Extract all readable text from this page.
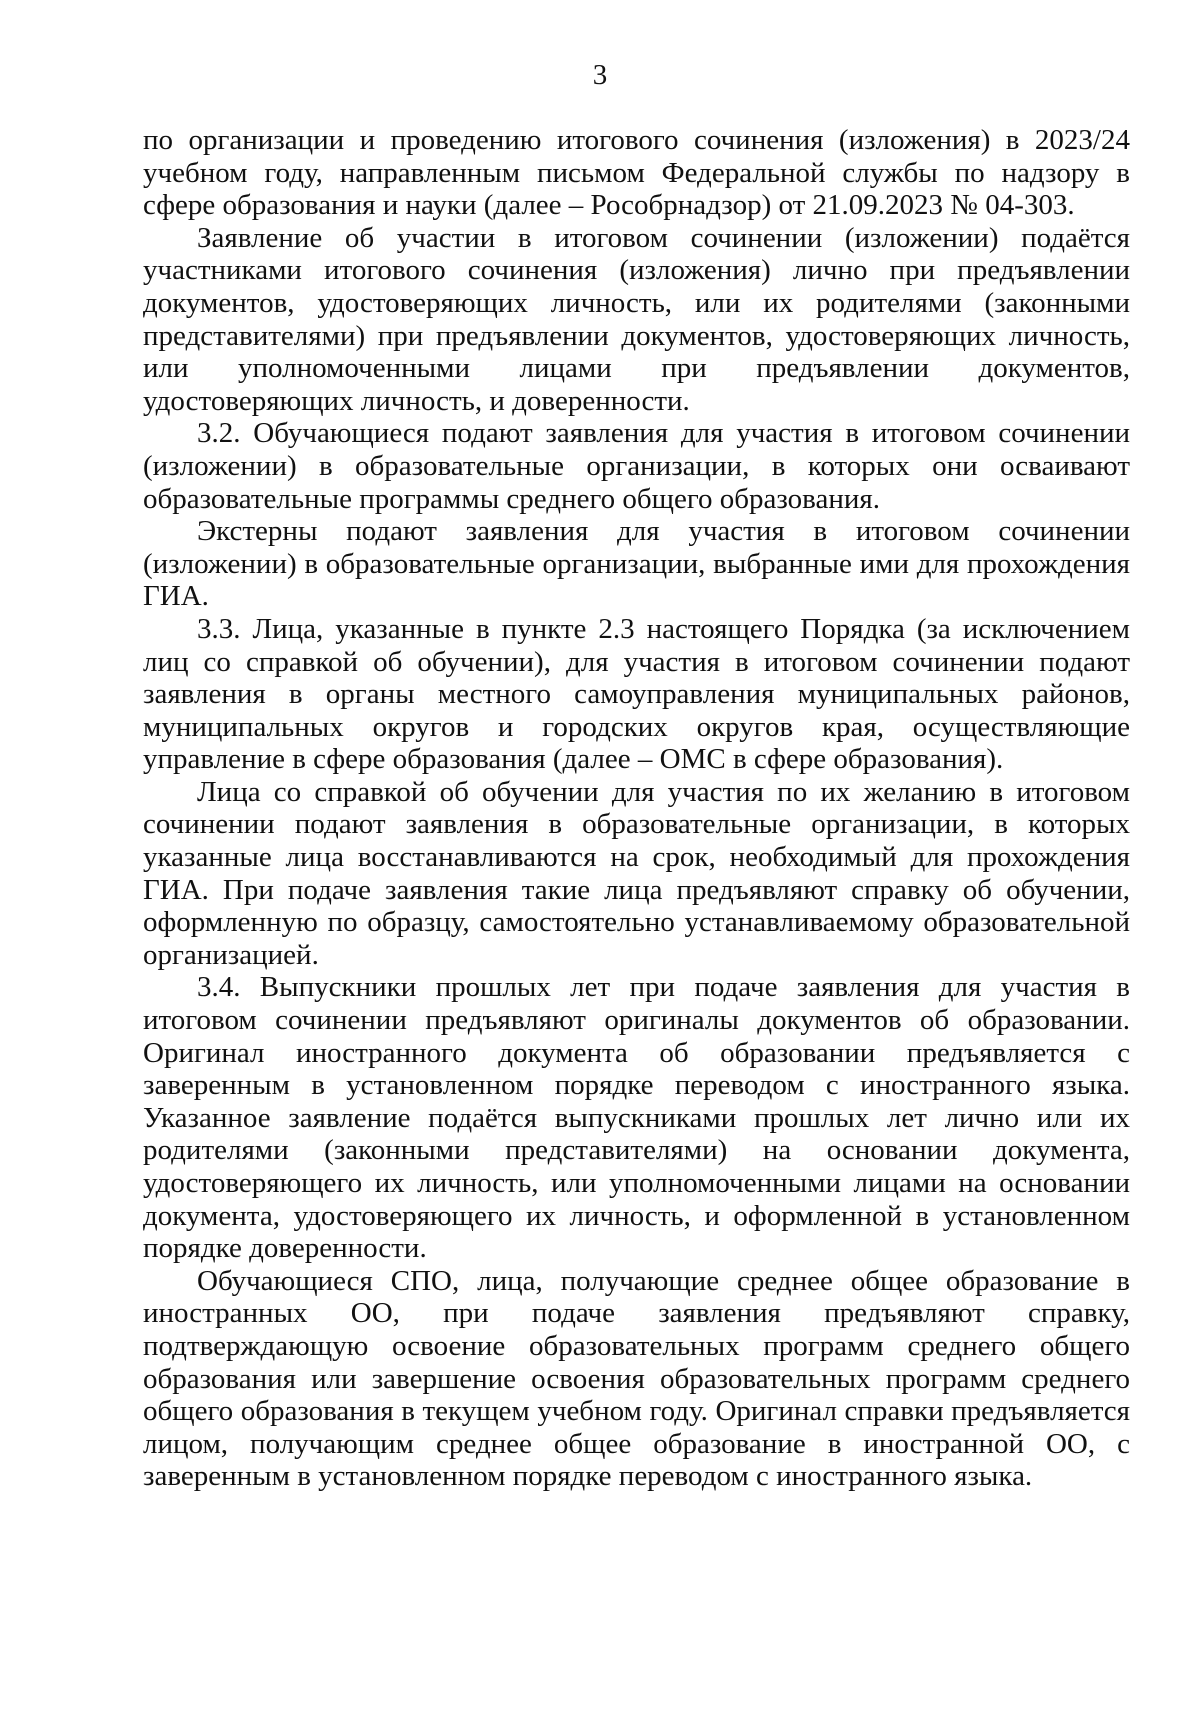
3

по организации и проведению итогового сочинения (изложения) в 2023/24 учебном году, направленным письмом Федеральной службы по надзору в сфере образования и науки (далее – Рособрнадзор) от 21.09.2023 № 04-303.

Заявление об участии в итоговом сочинении (изложении) подаётся участниками итогового сочинения (изложения) лично при предъявлении документов, удостоверяющих личность, или их родителями (законными представителями) при предъявлении документов, удостоверяющих личность, или уполномоченными лицами при предъявлении документов, удостоверяющих личность, и доверенности.

3.2. Обучающиеся подают заявления для участия в итоговом сочинении (изложении) в образовательные организации, в которых они осваивают образовательные программы среднего общего образования.

Экстерны подают заявления для участия в итоговом сочинении (изложении) в образовательные организации, выбранные ими для прохождения ГИА.

3.3. Лица, указанные в пункте 2.3 настоящего Порядка (за исключением лиц со справкой об обучении), для участия в итоговом сочинении подают заявления в органы местного самоуправления муниципальных районов, муниципальных округов и городских округов края, осуществляющие управление в сфере образования (далее – ОМС в сфере образования).

Лица со справкой об обучении для участия по их желанию в итоговом сочинении подают заявления в образовательные организации, в которых указанные лица восстанавливаются на срок, необходимый для прохождения ГИА. При подаче заявления такие лица предъявляют справку об обучении, оформленную по образцу, самостоятельно устанавливаемому образовательной организацией.

3.4. Выпускники прошлых лет при подаче заявления для участия в итоговом сочинении предъявляют оригиналы документов об образовании. Оригинал иностранного документа об образовании предъявляется с заверенным в установленном порядке переводом с иностранного языка. Указанное заявление подаётся выпускниками прошлых лет лично или их родителями (законными представителями) на основании документа, удостоверяющего их личность, или уполномоченными лицами на основании документа, удостоверяющего их личность, и оформленной в установленном порядке доверенности.

Обучающиеся СПО, лица, получающие среднее общее образование в иностранных ОО, при подаче заявления предъявляют справку, подтверждающую освоение образовательных программ среднего общего образования или завершение освоения образовательных программ среднего общего образования в текущем учебном году. Оригинал справки предъявляется лицом, получающим среднее общее образование в иностранной ОО, с заверенным в установленном порядке переводом с иностранного языка.
